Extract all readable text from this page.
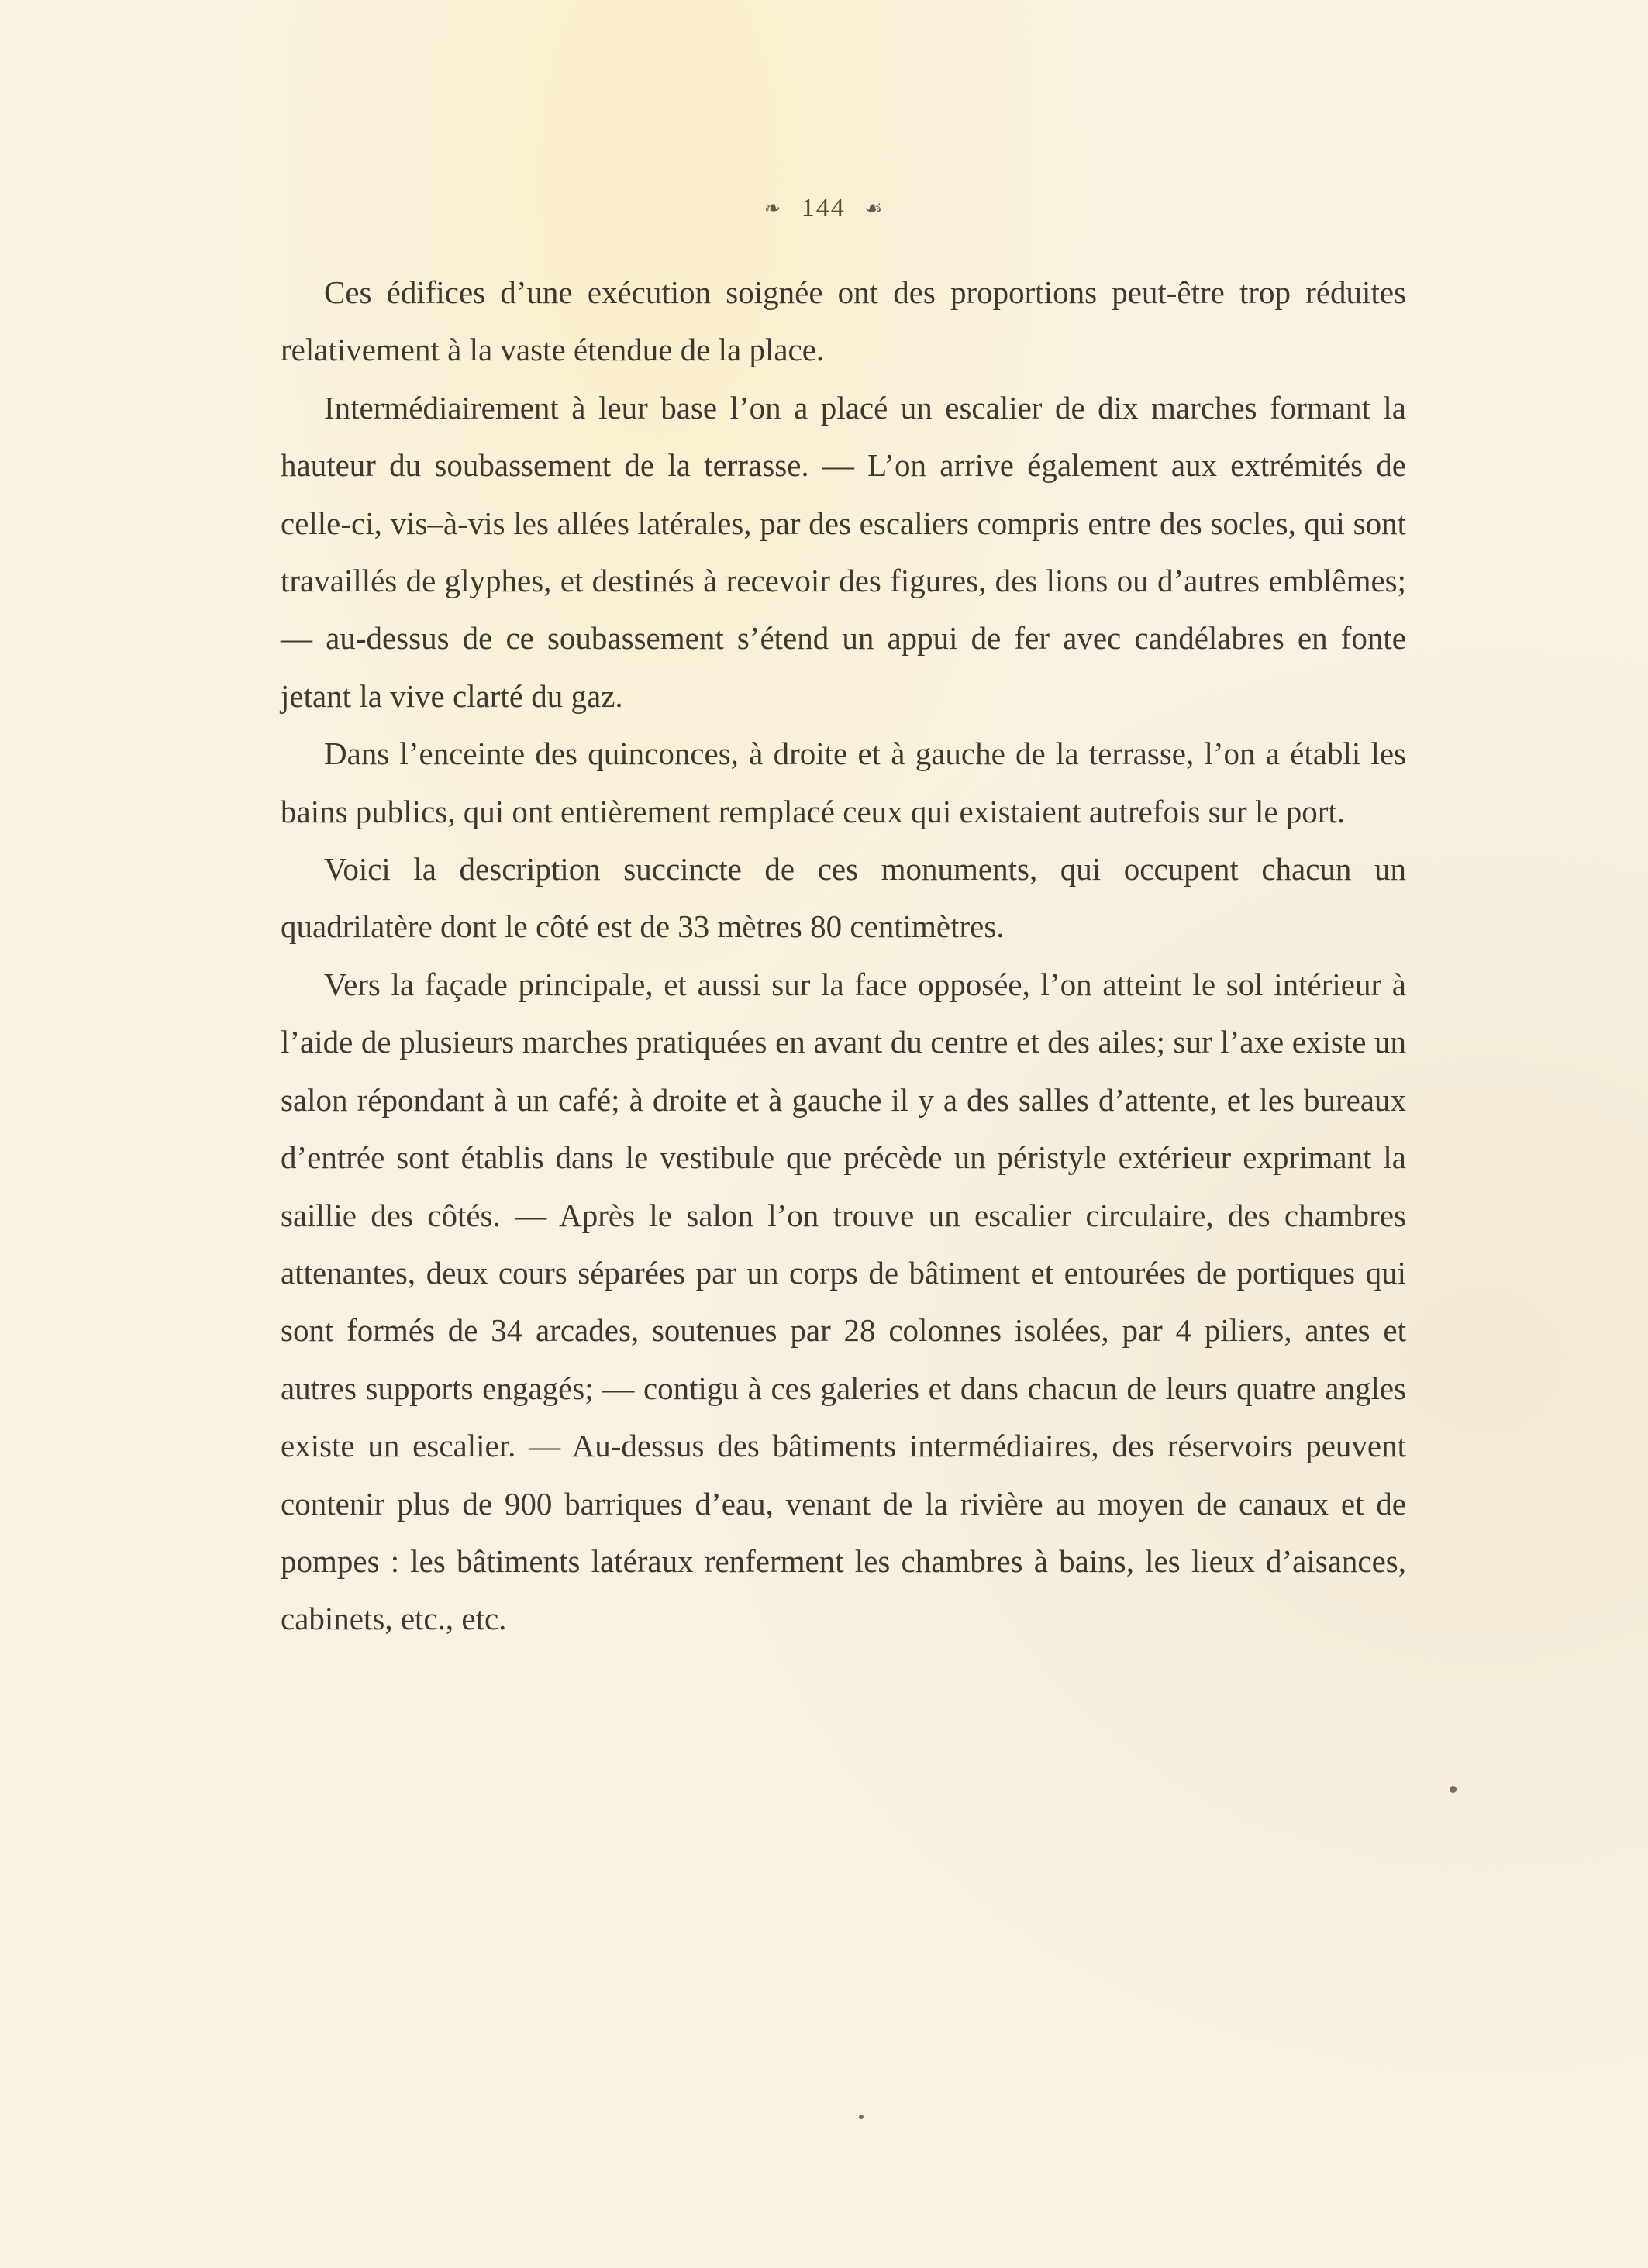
❧ 144 ☙

Ces édifices d’une exécution soignée ont des proportions peut-être trop réduites relativement à la vaste étendue de la place.

Intermédiairement à leur base l’on a placé un escalier de dix marches formant la hauteur du soubassement de la terrasse. — L’on arrive également aux extrémités de celle-ci, vis–à-vis les allées latérales, par des escaliers compris entre des socles, qui sont travaillés de glyphes, et destinés à recevoir des figures, des lions ou d’autres emblêmes; — au-dessus de ce soubassement s’étend un appui de fer avec candélabres en fonte jetant la vive clarté du gaz.

Dans l’enceinte des quinconces, à droite et à gauche de la terrasse, l’on a établi les bains publics, qui ont entièrement remplacé ceux qui existaient autrefois sur le port.

Voici la description succincte de ces monuments, qui occupent chacun un quadrilatère dont le côté est de 33 mètres 80 centimètres.

Vers la façade principale, et aussi sur la face opposée, l’on atteint le sol intérieur à l’aide de plusieurs marches pratiquées en avant du centre et des ailes; sur l’axe existe un salon répondant à un café; à droite et à gauche il y a des salles d’attente, et les bureaux d’entrée sont établis dans le vestibule que précède un péristyle extérieur exprimant la saillie des côtés. — Après le salon l’on trouve un escalier circulaire, des chambres attenantes, deux cours séparées par un corps de bâtiment et entourées de portiques qui sont formés de 34 arcades, soutenues par 28 colonnes isolées, par 4 piliers, antes et autres supports engagés; — contigu à ces galeries et dans chacun de leurs quatre angles existe un escalier. — Au-dessus des bâtiments intermédiaires, des réservoirs peuvent contenir plus de 900 barriques d’eau, venant de la rivière au moyen de canaux et de pompes : les bâtiments latéraux renferment les chambres à bains, les lieux d’aisances, cabinets, etc., etc.
